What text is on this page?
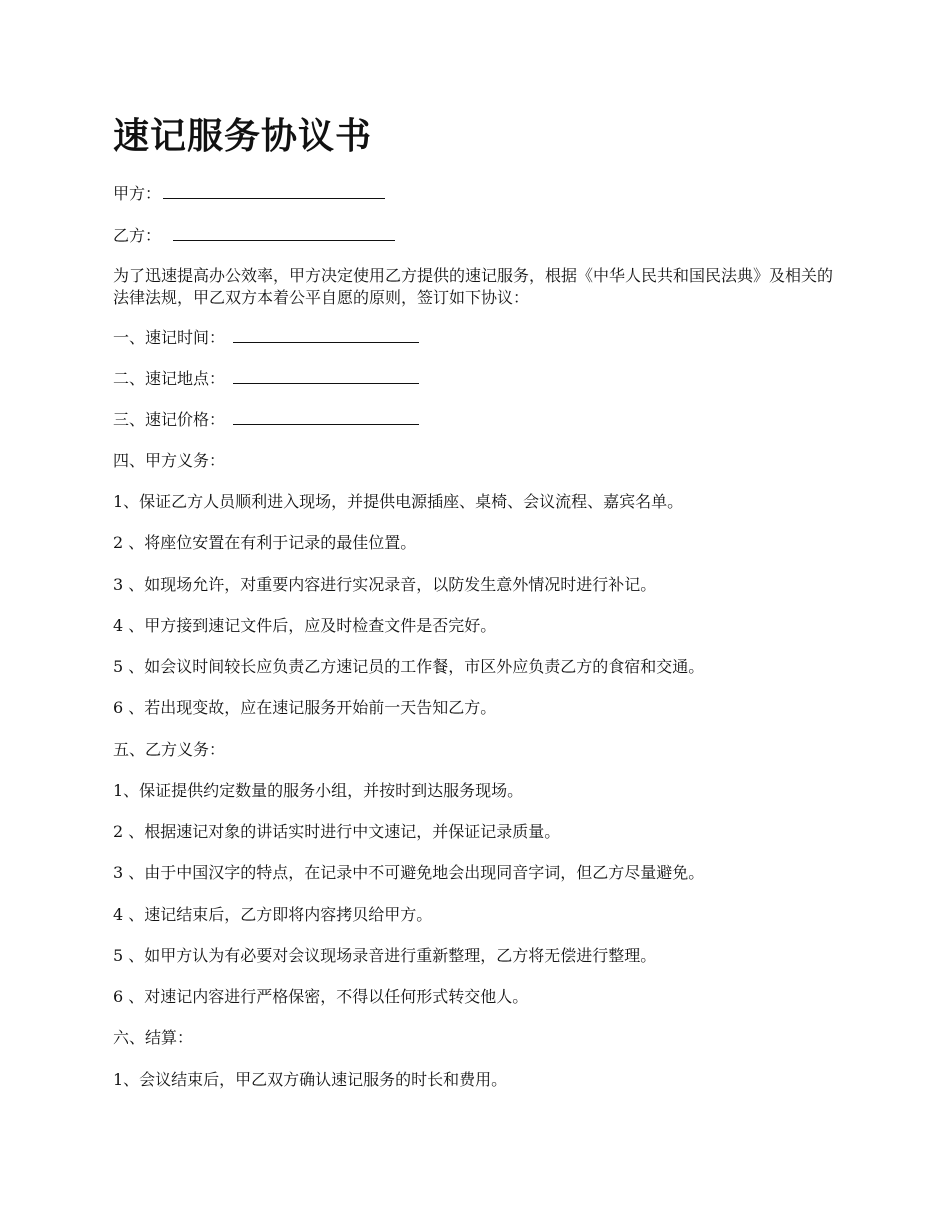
速记服务协议书
甲方：
乙方：
为了迅速提高办公效率，甲方决定使用乙方提供的速记服务，根据《中华人民共和国民法典》及相关的法律法规，甲乙双方本着公平自愿的原则，签订如下协议：
一、速记时间：
二、速记地点：
三、速记价格：
四、甲方义务：
1、保证乙方人员顺利进入现场，并提供电源插座、桌椅、会议流程、嘉宾名单。
2 、将座位安置在有利于记录的最佳位置。
3 、如现场允许，对重要内容进行实况录音，以防发生意外情况时进行补记。
4 、甲方接到速记文件后，应及时检查文件是否完好。
5 、如会议时间较长应负责乙方速记员的工作餐，市区外应负责乙方的食宿和交通。
6 、若出现变故，应在速记服务开始前一天告知乙方。
五、乙方义务：
1、保证提供约定数量的服务小组，并按时到达服务现场。
2 、根据速记对象的讲话实时进行中文速记，并保证记录质量。
3 、由于中国汉字的特点，在记录中不可避免地会出现同音字词，但乙方尽量避免。
4 、速记结束后，乙方即将内容拷贝给甲方。
5 、如甲方认为有必要对会议现场录音进行重新整理，乙方将无偿进行整理。
6 、对速记内容进行严格保密，不得以任何形式转交他人。
六、结算：
1、会议结束后，甲乙双方确认速记服务的时长和费用。
